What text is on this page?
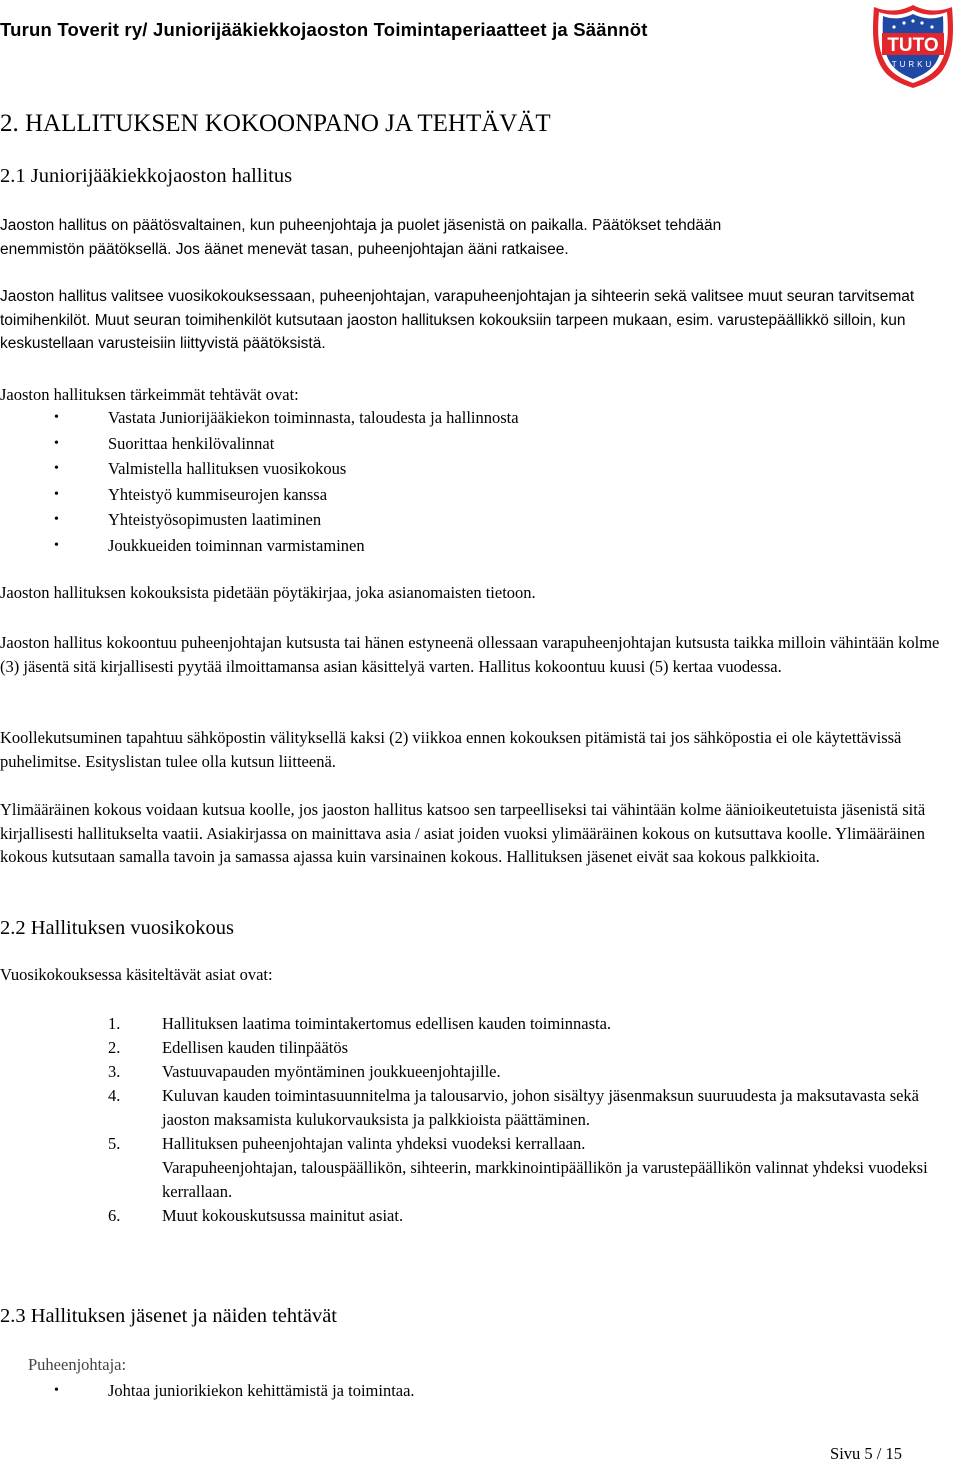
Turun Toverit ry/ Juniorijääkiekkojaoston Toimintaperiaatteet ja Säännöt
TUTO
TURKU
2. HALLITUKSEN KOKOONPANO JA TEHTÄVÄT
2.1 Juniorijääkiekkojaoston hallitus
Jaoston hallitus on päätösvaltainen, kun puheenjohtaja ja puolet jäsenistä on paikalla. Päätökset tehdään
enemmistön päätöksellä. Jos äänet menevät tasan, puheenjohtajan ääni ratkaisee.

Jaoston hallitus valitsee vuosikokouksessaan, puheenjohtajan, varapuheenjohtajan ja sihteerin sekä valitsee muut seuran tarvitsemat toimihenkilöt. Muut seuran toimihenkilöt kutsutaan jaoston hallituksen kokouksiin tarpeen mukaan, esim. varustepäällikkö silloin, kun keskustellaan varusteisiin liittyvistä päätöksistä.

Jaoston hallituksen tärkeimmät tehtävät ovat:
•	Vastata Juniorijääkiekon toiminnasta, taloudesta ja hallinnosta
•	Suorittaa henkilövalinnat
•	Valmistella hallituksen vuosikokous
•	Yhteistyö kummiseurojen kanssa
•	Yhteistyösopimusten laatiminen
•	Joukkueiden toiminnan varmistaminen

Jaoston hallituksen kokouksista pidetään pöytäkirjaa, joka asianomaisten tietoon.

Jaoston hallitus kokoontuu puheenjohtajan kutsusta tai hänen estyneenä ollessaan varapuheenjohtajan kutsusta taikka milloin vähintään kolme (3) jäsentä sitä kirjallisesti pyytää ilmoittamansa asian käsittelyä varten. Hallitus kokoontuu kuusi (5) kertaa vuodessa.

Koollekutsuminen tapahtuu sähköpostin välityksellä kaksi (2) viikkoa ennen kokouksen pitämistä tai jos sähköpostia ei ole käytettävissä puhelimitse. Esityslistan tulee olla kutsun liitteenä.

Ylimääräinen kokous voidaan kutsua koolle, jos jaoston hallitus katsoo sen tarpeelliseksi tai vähintään kolme äänioikeutetuista jäsenistä sitä kirjallisesti hallitukselta vaatii. Asiakirjassa on mainittava asia / asiat joiden vuoksi ylimääräinen kokous on kutsuttava koolle. Ylimääräinen kokous kutsutaan samalla tavoin ja samassa ajassa kuin varsinainen kokous. Hallituksen jäsenet eivät saa kokous palkkioita.

2.2 Hallituksen vuosikokous
Vuosikokouksessa käsiteltävät asiat ovat:
1.	Hallituksen laatima toimintakertomus edellisen kauden toiminnasta.
2.	Edellisen kauden tilinpäätös
3.	Vastuuvapauden myöntäminen joukkueenjohtajille.
4.	Kuluvan kauden toimintasuunnitelma ja talousarvio, johon sisältyy jäsenmaksun suuruudesta ja maksutavasta sekä jaoston maksamista kulukorvauksista ja palkkioista päättäminen.
5.	Hallituksen puheenjohtajan valinta yhdeksi vuodeksi kerrallaan.
Varapuheenjohtajan, talouspäällikön, sihteerin, markkinointipäällikön ja varustepäällikön valinnat yhdeksi vuodeksi kerrallaan.
6.	Muut kokouskutsussa mainitut asiat.
2.3 Hallituksen jäsenet ja näiden tehtävät
Puheenjohtaja:
•	Johtaa juniorikiekon kehittämistä ja toimintaa.
Sivu 5 / 15
